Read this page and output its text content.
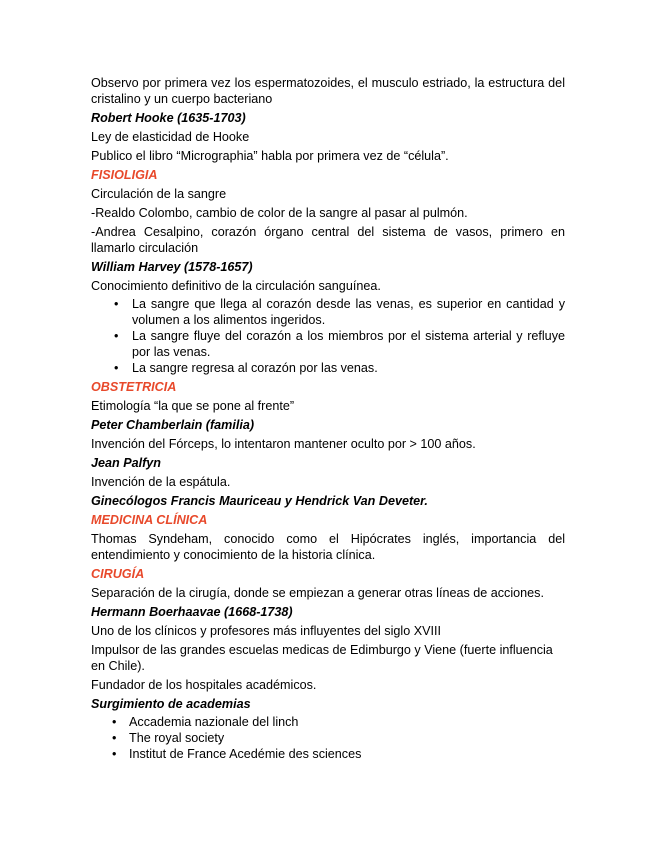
Observo por primera vez los espermatozoides, el musculo estriado, la estructura del cristalino y un cuerpo bacteriano

Robert Hooke (1635-1703)

Ley de elasticidad de Hooke

Publico el libro “Micrographia” habla por primera vez de “célula”.

FISIOLIGIA

Circulación de la sangre

-Realdo Colombo, cambio de color de la sangre al pasar al pulmón.

-Andrea Cesalpino, corazón órgano central del sistema de vasos, primero en llamarlo circulación

William Harvey (1578-1657)

Conocimiento definitivo de la circulación sanguínea.

• La sangre que llega al corazón desde las venas, es superior en cantidad y volumen a los alimentos ingeridos.
• La sangre fluye del corazón a los miembros por el sistema arterial y refluye por las venas.
• La sangre regresa al corazón por las venas.

OBSTETRICIA

Etimología “la que se pone al frente”

Peter Chamberlain (familia)

Invención del Fórceps, lo intentaron mantener oculto por > 100 años.

Jean Palfyn

Invención de la espátula.

Ginecólogos Francis Mauriceau y Hendrick Van Deveter.

MEDICINA CLÍNICA

Thomas Syndeham, conocido como el Hipócrates inglés, importancia del entendimiento y conocimiento de la historia clínica.

CIRUGÍA

Separación de la cirugía, donde se empiezan a generar otras líneas de acciones.

Hermann Boerhaavae (1668-1738)

Uno de los clínicos y profesores más influyentes del siglo XVIII

Impulsor de las grandes escuelas medicas de Edimburgo y Viene (fuerte influencia en Chile).

Fundador de los hospitales académicos.

Surgimiento de academias

• Accademia nazionale del linch
• The royal society
• Institut de France Acedémie des sciences
